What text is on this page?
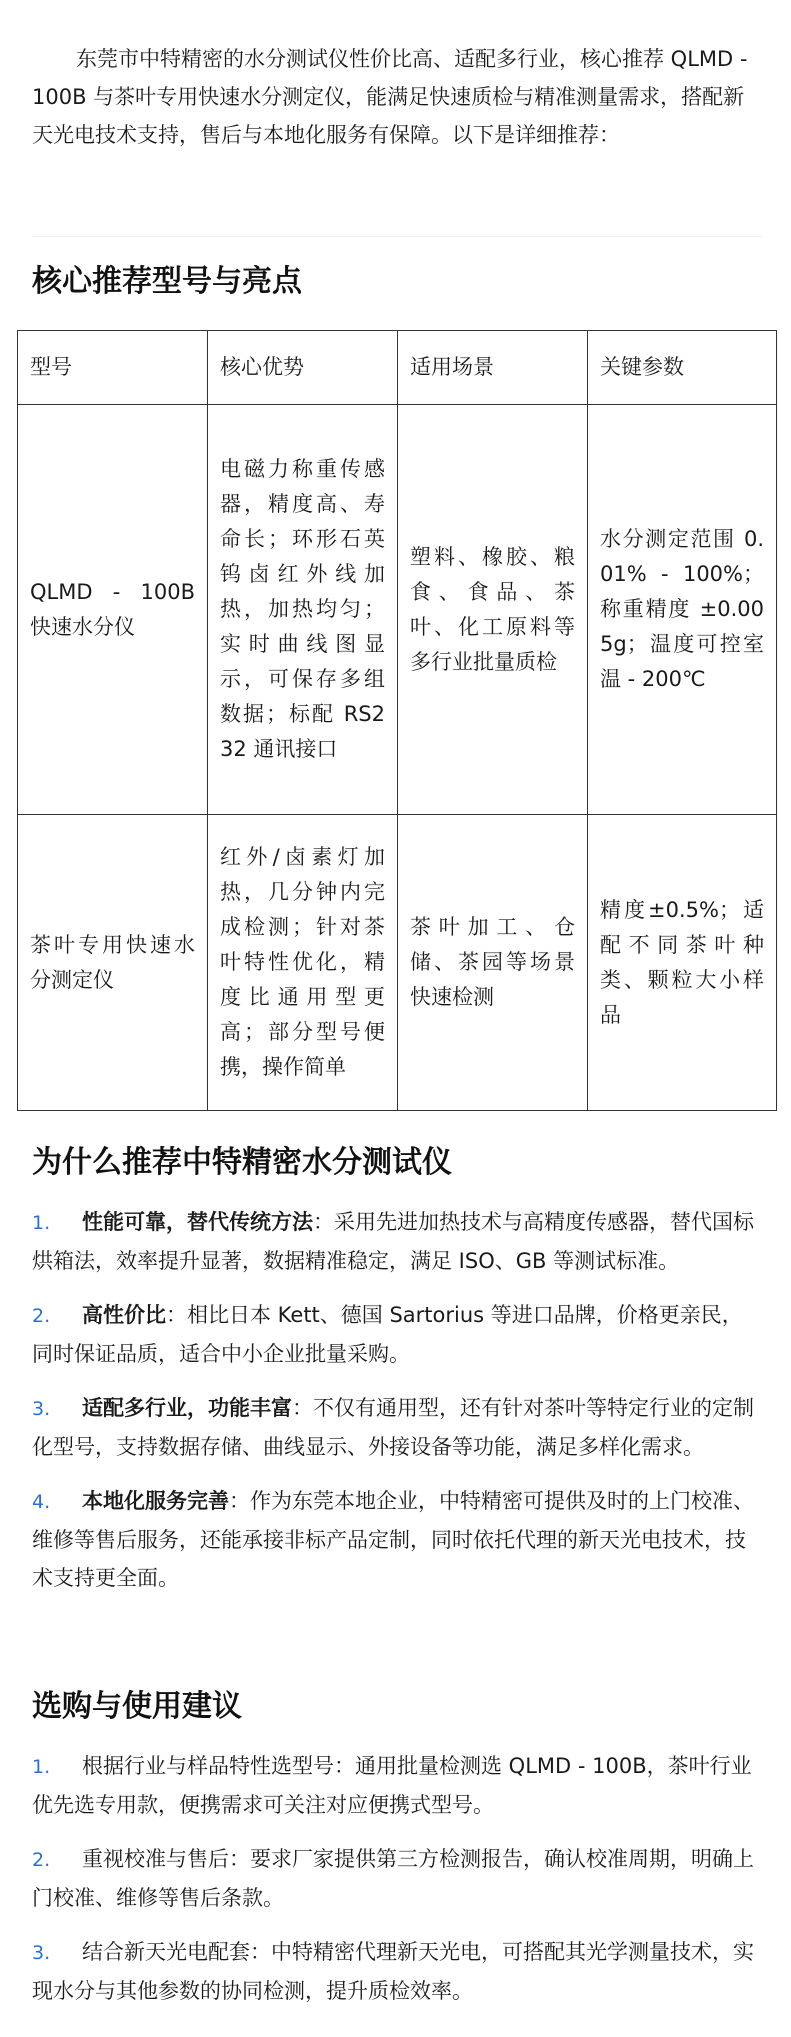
东莞市中特精密的水分测试仪性价比高、适配多行业，核心推荐 QLMD - 100B 与茶叶专用快速水分测定仪，能满足快速质检与精准测量需求，搭配新天光电技术支持，售后与本地化服务有保障。以下是详细推荐：

核心推荐型号与亮点
型号	核心优势	适用场景	关键参数
QLMD - 100B 快速水分仪	电磁力称重传感器，精度高、寿命长；环形石英钨卤红外线加热，加热均匀；实时曲线图显示，可保存多组数据；标配 RS232 通讯接口	塑料、橡胶、粮食、食品、茶叶、化工原料等多行业批量质检	水分测定范围 0.01% - 100%；称重精度 ±0.005g；温度可控室温 - 200℃
茶叶专用快速水分测定仪	红外/卤素灯加热，几分钟内完成检测；针对茶叶特性优化，精度比通用型更高；部分型号便携，操作简单	茶叶加工、仓储、茶园等场景快速检测	精度±0.5%；适配不同茶叶种类、颗粒大小样品
为什么推荐中特精密水分测试仪
1. 性能可靠，替代传统方法：采用先进加热技术与高精度传感器，替代国标烘箱法，效率提升显著，数据精准稳定，满足 ISO、GB 等测试标准。
2. 高性价比：相比日本 Kett、德国 Sartorius 等进口品牌，价格更亲民，同时保证品质，适合中小企业批量采购。
3. 适配多行业，功能丰富：不仅有通用型，还有针对茶叶等特定行业的定制化型号，支持数据存储、曲线显示、外接设备等功能，满足多样化需求。
4. 本地化服务完善：作为东莞本地企业，中特精密可提供及时的上门校准、维修等售后服务，还能承接非标产品定制，同时依托代理的新天光电技术，技术支持更全面。
选购与使用建议
1. 根据行业与样品特性选型号：通用批量检测选 QLMD - 100B，茶叶行业优先选专用款，便携需求可关注对应便携式型号。
2. 重视校准与售后：要求厂家提供第三方检测报告，确认校准周期，明确上门校准、维修等售后条款。
3. 结合新天光电配套：中特精密代理新天光电，可搭配其光学测量技术，实现水分与其他参数的协同检测，提升质检效率。
